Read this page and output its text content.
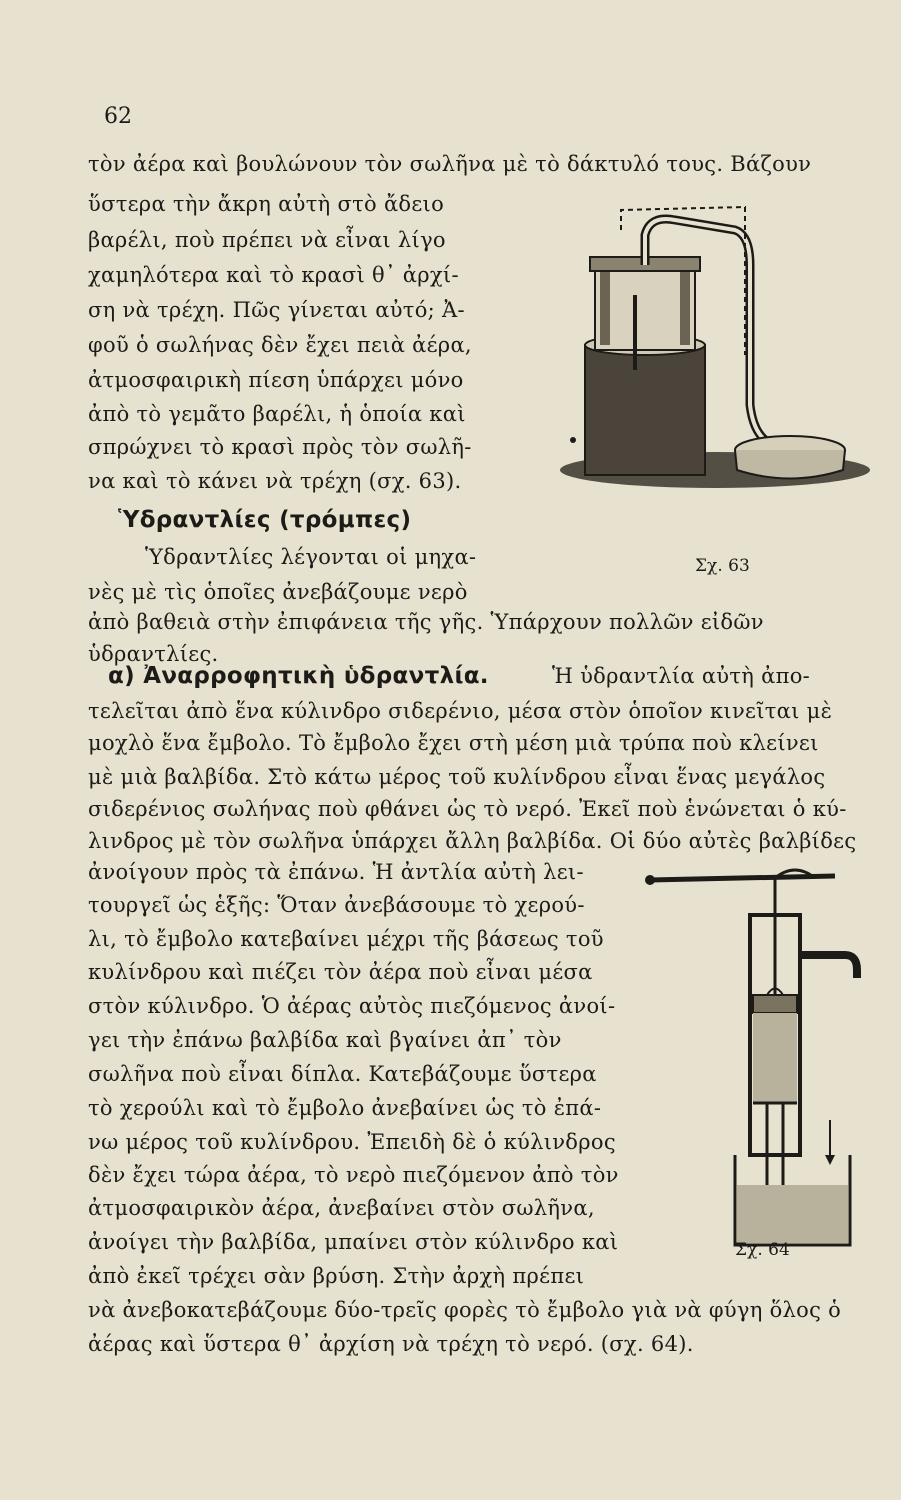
62
τὸν ἀέρα καὶ βουλώνουν τὸν σωλῆνα μὲ τὸ δάκτυλό τους. Βάζουν
ὕστερα τὴν ἄκρη αὐτὴ στὸ ἄδειο
βαρέλι, ποὺ πρέπει νὰ εἶναι λίγο
χαμηλότερα καὶ τὸ κρασὶ θ᾿ ἀρχί-
ση νὰ τρέχη. Πῶς γίνεται αὐτό; Ἀ-
φοῦ ὁ σωλήνας δὲν ἔχει πειὰ ἀέρα,
ἀτμοσφαιρικὴ πίεση ὑπάρχει μόνο
ἀπὸ τὸ γεμᾶτο βαρέλι, ἡ ὁποία καὶ
σπρώχνει τὸ κρασὶ πρὸς τὸν σωλῆ-
να καὶ τὸ κάνει νὰ τρέχη (σχ. 63).
Ὑδραντλίες (τρόμπες)
Ὑδραντλίες λέγονται οἱ μηχα-
νὲς μὲ τὶς ὁποῖες ἀνεβάζουμε νερὸ
ἀπὸ βαθειὰ στὴν ἐπιφάνεια τῆς γῆς. Ὑπάρχουν πολλῶν εἰδῶν
ὑδραντλίες.
α) Ἀναρροφητικὴ ὑδραντλία.	Ἡ ὑδραντλία αὐτὴ ἀπο-
τελεῖται ἀπὸ ἕνα κύλινδρο σιδερένιο, μέσα στὸν ὁποῖον κινεῖται μὲ
μοχλὸ ἕνα ἔμβολο. Τὸ ἔμβολο ἔχει στὴ μέση μιὰ τρύπα ποὺ κλείνει
μὲ μιὰ βαλβίδα. Στὸ κάτω μέρος τοῦ κυλίνδρου εἶναι ἕνας μεγάλος
σιδερένιος σωλήνας ποὺ φθάνει ὡς τὸ νερό. Ἐκεῖ ποὺ ἑνώνεται ὁ κύ-
λινδρος μὲ τὸν σωλῆνα ὑπάρχει ἄλλη βαλβίδα. Οἱ δύο αὐτὲς βαλβίδες
ἀνοίγουν πρὸς τὰ ἐπάνω. Ἡ ἀντλία αὐτὴ λει-
τουργεῖ ὡς ἑξῆς: Ὅταν ἀνεβάσουμε τὸ χερού-
λι, τὸ ἔμβολο κατεβαίνει μέχρι τῆς βάσεως τοῦ
κυλίνδρου καὶ πιέζει τὸν ἀέρα ποὺ εἶναι μέσα
στὸν κύλινδρο. Ὁ ἀέρας αὐτὸς πιεζόμενος ἀνοί-
γει τὴν ἐπάνω βαλβίδα καὶ βγαίνει ἀπ᾿ τὸν
σωλῆνα ποὺ εἶναι δίπλα. Κατεβάζουμε ὕστερα
τὸ χερούλι καὶ τὸ ἔμβολο ἀνεβαίνει ὡς τὸ ἐπά-
νω μέρος τοῦ κυλίνδρου. Ἐπειδὴ δὲ ὁ κύλινδρος
δὲν ἔχει τώρα ἀέρα, τὸ νερὸ πιεζόμενον ἀπὸ τὸν
ἀτμοσφαιρικὸν ἀέρα, ἀνεβαίνει στὸν σωλῆνα,
ἀνοίγει τὴν βαλβίδα, μπαίνει στὸν κύλινδρο καὶ
ἀπὸ ἐκεῖ τρέχει σὰν βρύση. Στὴν ἀρχὴ πρέπει
νὰ ἀνεβοκατεβάζουμε δύο-τρεῖς φορὲς τὸ ἔμβολο γιὰ νὰ φύγη ὅλος ὁ
ἀέρας καὶ ὕστερα θ᾿ ἀρχίση νὰ τρέχη τὸ νερό. (σχ. 64).
Σχ. 63
Σχ. 64
